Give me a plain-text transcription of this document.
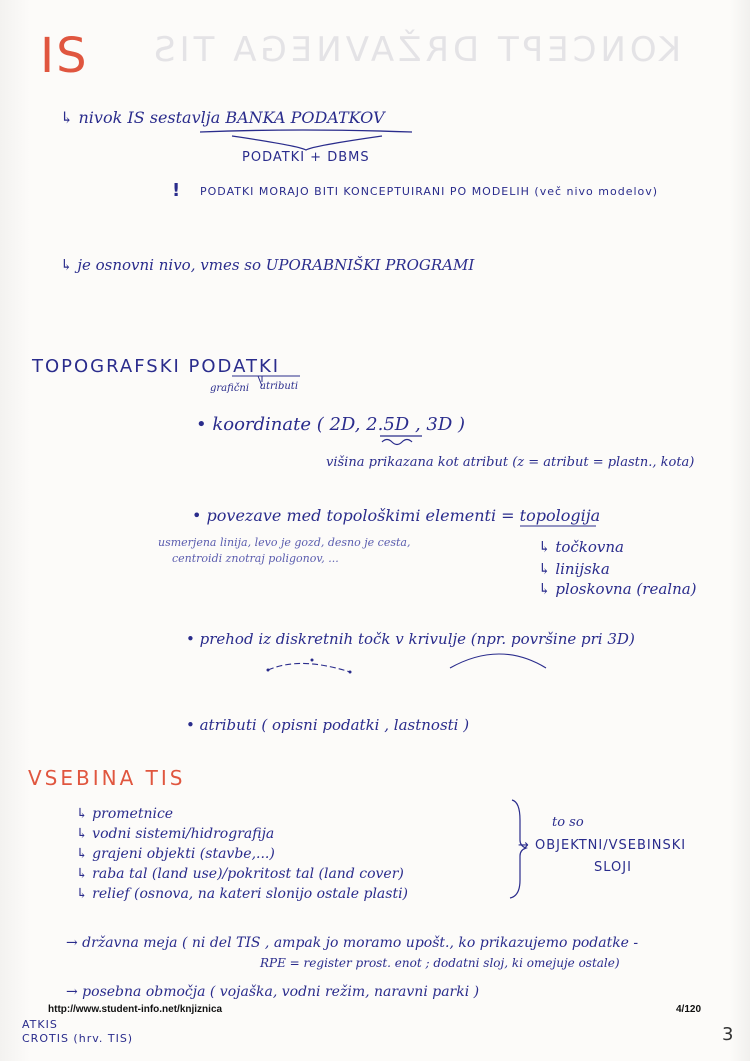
KONCEPT DRŽAVNEGA TIS
IS
↳ nivok IS sestavlja BANKA PODATKOV
PODATKI + DBMS
! PODATKI MORAJO BITI KONCEPTUIRANI PO MODELIH (več nivo modelov)
↳ je osnovni nivo, vmes so UPORABNIŠKI PROGRAMI
TOPOGRAFSKI PODATKI
grafični atributi
• koordinate ( 2D, 2.5D , 3D )
višina prikazana kot atribut (z = atribut = plastn., kota)
• povezave med topološkimi elementi = topologija
usmerjena linija, levo je gozd, desno je cesta,
centroidi znotraj poligonov, ...
↳ točkovna
↳ linijska
↳ ploskovna (realna)
• prehod iz diskretnih točk v krivulje (npr. površine pri 3D)
• atributi ( opisni podatki , lastnosti )
VSEBINA TIS
↳ prometnice
↳ vodni sistemi/hidrografija
↳ grajeni objekti (stavbe,...)
↳ raba tal (land use)/pokritost tal (land cover)
↳ relief (osnova, na kateri slonijo ostale plasti)
to so
→ OBJEKTNI/VSEBINSKI
SLOJI
→ državna meja ( ni del TIS , ampak jo moramo upošt., ko prikazujemo podatke -
RPE = register prost. enot ; dodatni sloj, ki omejuje ostale)
→ posebna območja ( vojaška, vodni režim, naravni parki )
http://www.student-info.net/knjiznica	4/120
ATKIS
CROTIS (hrv. TIS)	3
